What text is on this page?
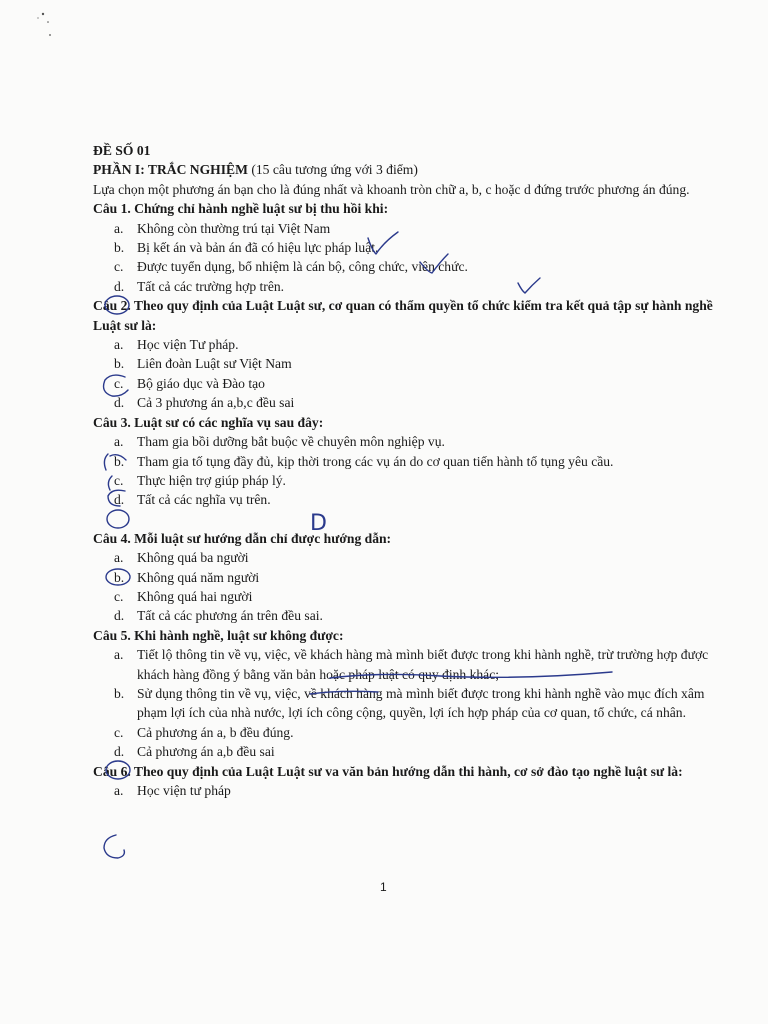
ĐỀ SỐ 01
PHẦN I: TRẮC NGHIỆM (15 câu tương ứng với 3 điểm)
Lựa chọn một phương án bạn cho là đúng nhất và khoanh tròn chữ a, b, c hoặc d đứng trước phương án đúng.
Câu 1. Chứng chỉ hành nghề luật sư bị thu hồi khi:
a. Không còn thường trú tại Việt Nam
b. Bị kết án và bản án đã có hiệu lực pháp luật.
c. Được tuyển dụng, bổ nhiệm là cán bộ, công chức, viên chức.
d. Tất cả các trường hợp trên.
Câu 2. Theo quy định của Luật Luật sư, cơ quan có thẩm quyền tổ chức kiểm tra kết quả tập sự hành nghề Luật sư là:
a. Học viện Tư pháp.
b. Liên đoàn Luật sư Việt Nam
c. Bộ giáo dục và Đào tạo
d. Cả 3 phương án a,b,c đều sai
Câu 3. Luật sư có các nghĩa vụ sau đây:
a. Tham gia bồi dưỡng bắt buộc về chuyên môn nghiệp vụ.
b. Tham gia tố tụng đầy đủ, kịp thời trong các vụ án do cơ quan tiến hành tố tụng yêu cầu.
c. Thực hiện trợ giúp pháp lý.
d. Tất cả các nghĩa vụ trên.
Câu 4. Mỗi luật sư hướng dẫn chỉ được hướng dẫn:
a. Không quá ba người
b. Không quá năm người
c. Không quá hai người
d. Tất cả các phương án trên đều sai.
Câu 5. Khi hành nghề, luật sư không được:
a. Tiết lộ thông tin về vụ, việc, về khách hàng mà mình biết được trong khi hành nghề, trừ trường hợp được khách hàng đồng ý bằng văn bản hoặc pháp luật có quy định khác;
b. Sử dụng thông tin về vụ, việc, về khách hàng mà mình biết được trong khi hành nghề vào mục đích xâm phạm lợi ích của nhà nước, lợi ích công cộng, quyền, lợi ích hợp pháp của cơ quan, tổ chức, cá nhân.
c. Cả phương án a, b đều đúng.
d. Cả phương án a,b đều sai
Câu 6. Theo quy định của Luật Luật sư va văn bản hướng dẫn thi hành, cơ sở đào tạo nghề luật sư là:
a. Học viện tư pháp
1
D
